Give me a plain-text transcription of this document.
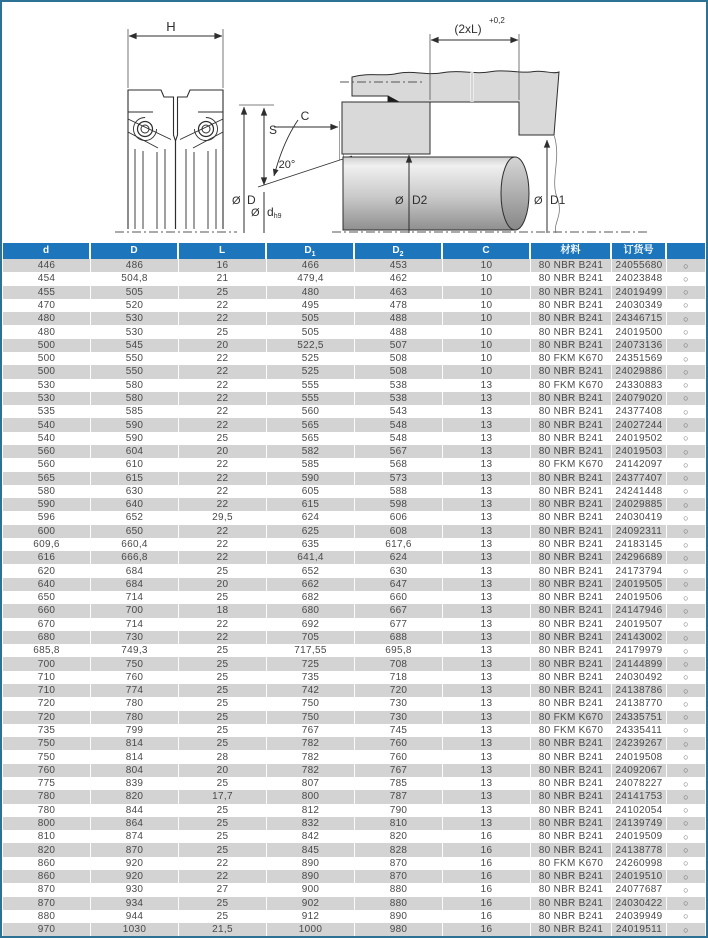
H
Ø D
S
Ø dh9
C
20°
(2xL)
+0,2
Ø D2	Ø D1
d	D	L	D 1	D 2	C	材料	订货号
446	486	16	466	453	10	80 NBR B241	24055680	○
454	504,8	21	479,4	462	10	80 NBR B241	24023848	○
455	505	25	480	463	10	80 NBR B241	24019499	○
470	520	22	495	478	10	80 NBR B241	24030349	○
480	530	22	505	488	10	80 NBR B241	24346715	○
480	530	25	505	488	10	80 NBR B241	24019500	○
500	545	20	522,5	507	10	80 NBR B241	24073136	○
500	550	22	525	508	10	80 FKM K670	24351569	○
500	550	22	525	508	10	80 NBR B241	24029886	○
530	580	22	555	538	13	80 FKM K670	24330883	○
530	580	22	555	538	13	80 NBR B241	24079020	○
535	585	22	560	543	13	80 NBR B241	24377408	○
540	590	22	565	548	13	80 NBR B241	24027244	○
540	590	25	565	548	13	80 NBR B241	24019502	○
560	604	20	582	567	13	80 NBR B241	24019503	○
560	610	22	585	568	13	80 FKM K670	24142097	○
565	615	22	590	573	13	80 NBR B241	24377407	○
580	630	22	605	588	13	80 NBR B241	24241448	○
590	640	22	615	598	13	80 NBR B241	24029885	○
596	652	29,5	624	606	13	80 NBR B241	24030419	○
600	650	22	625	608	13	80 NBR B241	24092311	○
609,6	660,4	22	635	617,6	13	80 NBR B241	24183145	○
616	666,8	22	641,4	624	13	80 NBR B241	24296689	○
620	684	25	652	630	13	80 NBR B241	24173794	○
640	684	20	662	647	13	80 NBR B241	24019505	○
650	714	25	682	660	13	80 NBR B241	24019506	○
660	700	18	680	667	13	80 NBR B241	24147946	○
670	714	22	692	677	13	80 NBR B241	24019507	○
680	730	22	705	688	13	80 NBR B241	24143002	○
685,8	749,3	25	717,55	695,8	13	80 NBR B241	24179979	○
700	750	25	725	708	13	80 NBR B241	24144899	○
710	760	25	735	718	13	80 NBR B241	24030492	○
710	774	25	742	720	13	80 NBR B241	24138786	○
720	780	25	750	730	13	80 NBR B241	24138770	○
720	780	25	750	730	13	80 FKM K670	24335751	○
735	799	25	767	745	13	80 FKM K670	24335411	○
750	814	25	782	760	13	80 NBR B241	24239267	○
750	814	28	782	760	13	80 NBR B241	24019508	○
760	804	20	782	767	13	80 NBR B241	24092067	○
775	839	25	807	785	13	80 NBR B241	24078227	○
780	820	17,7	800	787	13	80 NBR B241	24141753	○
780	844	25	812	790	13	80 NBR B241	24102054	○
800	864	25	832	810	13	80 NBR B241	24139749	○
810	874	25	842	820	16	80 NBR B241	24019509	○
820	870	25	845	828	16	80 NBR B241	24138778	○
860	920	22	890	870	16	80 FKM K670	24260998	○
860	920	22	890	870	16	80 NBR B241	24019510	○
870	930	27	900	880	16	80 NBR B241	24077687	○
870	934	25	902	880	16	80 NBR B241	24030422	○
880	944	25	912	890	16	80 NBR B241	24039949	○
970	1030	21,5	1000	980	16	80 NBR B241	24019511	○
